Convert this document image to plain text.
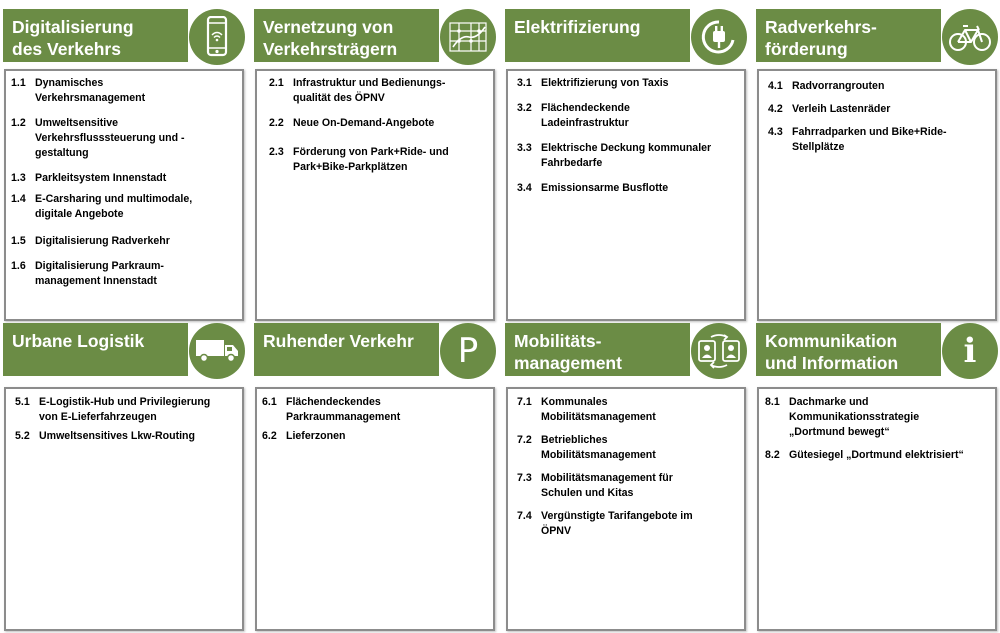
Digitalisierung
des Verkehrs
1.1 Dynamisches
Verkehrsmanagement
1.2 Umweltsensitive
Verkehrsflusssteuerung und -
gestaltung
1.3 Parkleitsystem Innenstadt
1.4 E-Carsharing und multimodale,
digitale Angebote
1.5 Digitalisierung Radverkehr
1.6 Digitalisierung Parkraum-
management Innenstadt
Vernetzung von
Verkehrsträgern
2.1 Infrastruktur und Bedienungs-
qualität des ÖPNV
2.2 Neue On-Demand-Angebote
2.3 Förderung von Park+Ride- und
Park+Bike-Parkplätzen
Elektrifizierung
3.1 Elektrifizierung von Taxis
3.2 Flächendeckende
Ladeinfrastruktur
3.3 Elektrische Deckung kommunaler
Fahrbedarfe
3.4 Emissionsarme Busflotte
Radverkehrs-
förderung
4.1 Radvorrangrouten
4.2 Verleih Lastenräder
4.3 Fahrradparken und Bike+Ride-
Stellplätze
Urbane Logistik
5.1 E-Logistik-Hub und Privilegierung
von E-Lieferfahrzeugen
5.2 Umweltsensitives Lkw-Routing
Ruhender Verkehr	P
6.1 Flächendeckendes
Parkraummanagement
6.2 Lieferzonen
Mobilitäts-
management
7.1 Kommunales
Mobilitätsmanagement
7.2 Betriebliches
Mobilitätsmanagement
7.3 Mobilitätsmanagement für
Schulen und Kitas
7.4 Vergünstigte Tarifangebote im
ÖPNV
Kommunikation
und Information	i
8.1 Dachmarke und
Kommunikationsstrategie
„Dortmund bewegt“
8.2 Gütesiegel „Dortmund elektrisiert“
